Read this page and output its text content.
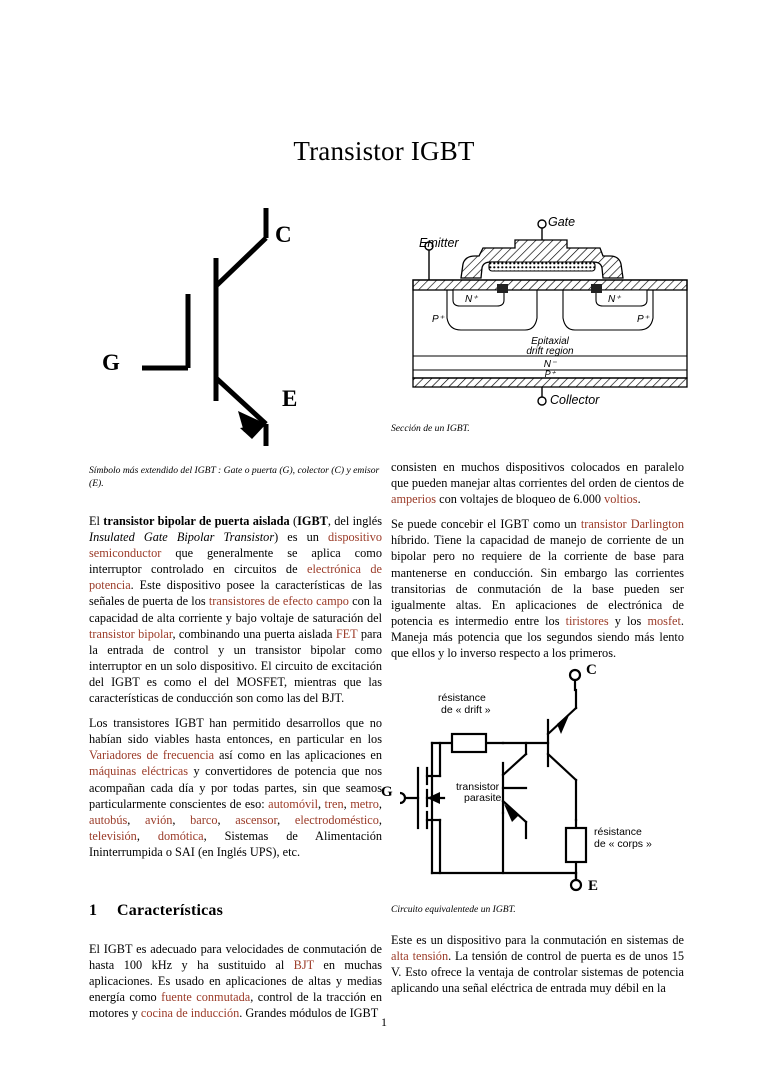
Transistor IGBT
C
G
E
P⁺	P⁺
N⁺	N⁺
Epitaxial
drift region
N⁻
P⁺
Gate
Emitter
Collector
C
G
E
résistance
de « drift »
transistor
parasite
résistance
de « corps »

Símbolo más extendido del IGBT : Gate o puerta (G), colector (C) y emisor (E).

El transistor bipolar de puerta aislada (IGBT, del inglés Insulated Gate Bipolar Transistor) es un dispositivo semiconductor que generalmente se aplica como interruptor controlado en circuitos de electrónica de potencia. Este dispositivo posee la características de las señales de puerta de los transistores de efecto campo con la capacidad de alta corriente y bajo voltaje de saturación del transistor bipolar, combinando una puerta aislada FET para la entrada de control y un transistor bipolar como interruptor en un solo dispositivo. El circuito de excitación del IGBT es como el del MOSFET, mientras que las características de conducción son como las del BJT.

Los transistores IGBT han permitido desarrollos que no habían sido viables hasta entonces, en particular en los Variadores de frecuencia así como en las aplicaciones en máquinas eléctricas y convertidores de potencia que nos acompañan cada día y por todas partes, sin que seamos particularmente conscientes de eso: automóvil, tren, metro, autobús, avión, barco, ascensor, electrodoméstico, televisión, domótica, Sistemas de Alimentación Ininterrumpida o SAI (en Inglés UPS), etc.

1 Características

El IGBT es adecuado para velocidades de conmutación de hasta 100 kHz y ha sustituido al BJT en muchas aplicaciones. Es usado en aplicaciones de altas y medias energía como fuente conmutada, control de la tracción en motores y cocina de inducción. Grandes módulos de IGBT

Sección de un IGBT.

consisten en muchos dispositivos colocados en paralelo que pueden manejar altas corrientes del orden de cientos de amperios con voltajes de bloqueo de 6.000 voltios.

Se puede concebir el IGBT como un transistor Darlington híbrido. Tiene la capacidad de manejo de corriente de un bipolar pero no requiere de la corriente de base para mantenerse en conducción. Sin embargo las corrientes transitorias de conmutación de la base pueden ser igualmente altas. En aplicaciones de electrónica de potencia es intermedio entre los tiristores y los mosfet. Maneja más potencia que los segundos siendo más lento que ellos y lo inverso respecto a los primeros.

Circuito equivalentede un IGBT.

Este es un dispositivo para la conmutación en sistemas de alta tensión. La tensión de control de puerta es de unos 15 V. Esto ofrece la ventaja de controlar sistemas de potencia aplicando una señal eléctrica de entrada muy débil en la

1
